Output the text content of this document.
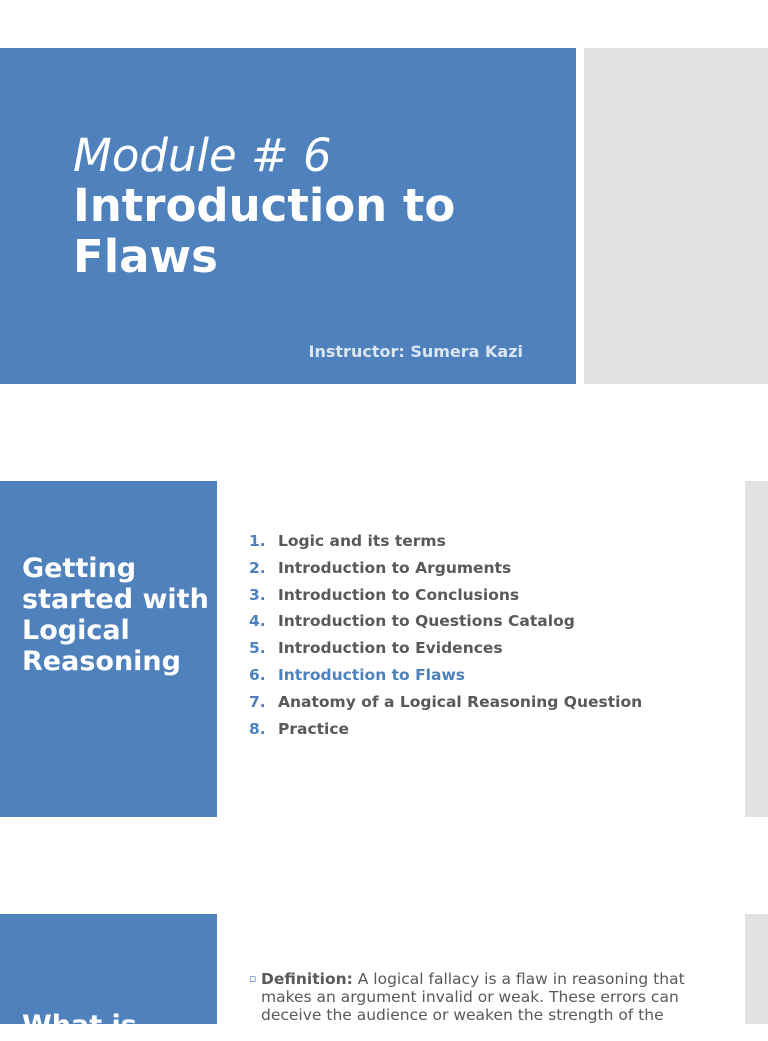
Instructor: Sumera Kazi
Module # 6
Introduction to Flaws
Getting started with Logical Reasoning
1. Logic and its terms
2. Introduction to Arguments
3. Introduction to Conclusions
4. Introduction to Questions Catalog
5. Introduction to Evidences
6. Introduction to Flaws
7. Anatomy of a Logical Reasoning Question
8. Practice
What is
▫ Definition: A logical fallacy is a flaw in reasoning that makes an argument invalid or weak. These errors can deceive the audience or weaken the strength of the
